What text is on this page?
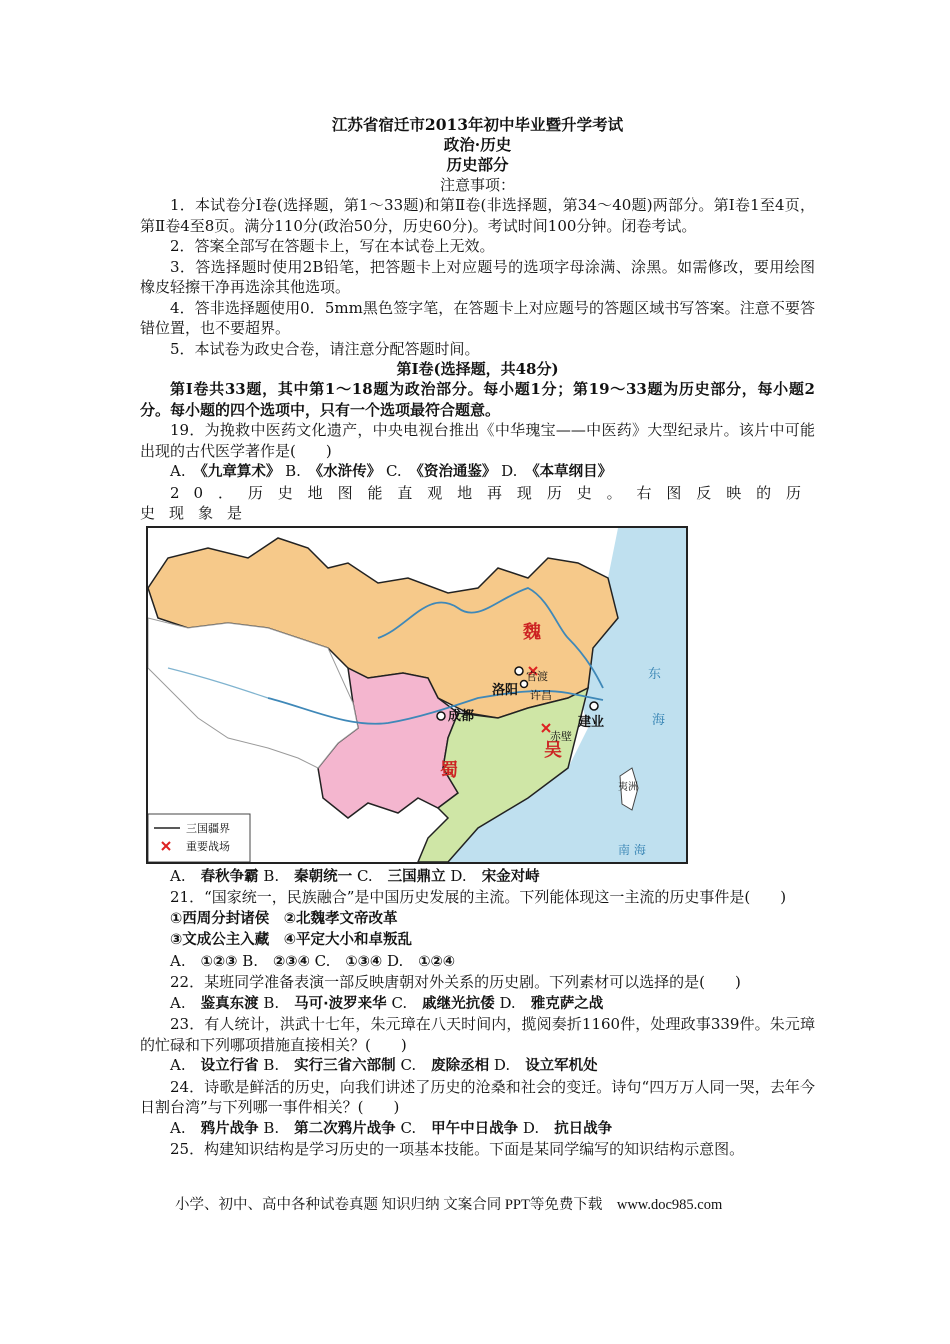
江苏省宿迁市2013年初中毕业暨升学考试
政治·历史
历史部分
注意事项：

1．本试卷分Ⅰ卷(选择题，第1～33题)和第Ⅱ卷(非选择题，第34～40题)两部分。第Ⅰ卷1至4页，第Ⅱ卷4至8页。满分110分(政治50分，历史60分)。考试时间100分钟。闭卷考试。

2．答案全部写在答题卡上，写在本试卷上无效。

3．答选择题时使用2B铅笔，把答题卡上对应题号的选项字母涂满、涂黑。如需修改，要用绘图橡皮轻擦干净再选涂其他选项。

4．答非选择题使用0．5mm黑色签字笔，在答题卡上对应题号的答题区域书写答案。注意不要答错位置，也不要超界。

5．本试卷为政史合卷，请注意分配答题时间。

第Ⅰ卷(选择题，共48分)

第Ⅰ卷共33题，其中第1～18题为政治部分。每小题1分；第19～33题为历史部分，每小题2分。每小题的四个选项中，只有一个选项最符合题意。

19．为挽救中医药文化遗产，中央电视台推出《中华瑰宝——中医药》大型纪录片。该片中可能出现的古代医学著作是(　　)

A.　《九章算术》 B.　《水浒传》 C.　《资治通鉴》 D.　《本草纲目》

20．历史地图能直观地再现历史。右图反映的历史现象是

魏
蜀
吴
洛阳 许昌
官渡
成都	建业
赤壁
东
海
南 海
夷洲
三国疆界
重要战场
A.　春秋争霸 B.　秦朝统一 C.　三国鼎立 D.　宋金对峙

21．“国家统一，民族融合”是中国历史发展的主流。下列能体现这一主流的历史事件是(　　)

①西周分封诸侯　②北魏孝文帝改革
③文成公主入藏　④平定大小和卓叛乱
A.　①②③ B.　②③④ C.　①③④ D.　①②④

22．某班同学准备表演一部反映唐朝对外关系的历史剧。下列素材可以选择的是(　　)

A.　鉴真东渡 B.　马可·波罗来华 C.　戚继光抗倭 D.　雅克萨之战

23．有人统计，洪武十七年，朱元璋在八天时间内，揽阅奏折1160件，处理政事339件。朱元璋的忙碌和下列哪项措施直接相关？(　　)

A.　设立行省 B.　实行三省六部制 C.　废除丞相 D.　设立军机处

24．诗歌是鲜活的历史，向我们讲述了历史的沧桑和社会的变迁。诗句“四万万人同一哭，去年今日割台湾”与下列哪一事件相关？(　　)

A.　鸦片战争 B.　第二次鸦片战争 C.　甲午中日战争 D.　抗日战争

25．构建知识结构是学习历史的一项基本技能。下面是某同学编写的知识结构示意图。

小学、初中、高中各种试卷真题 知识归纳 文案合同 PPT等免费下载　www.doc985.com
